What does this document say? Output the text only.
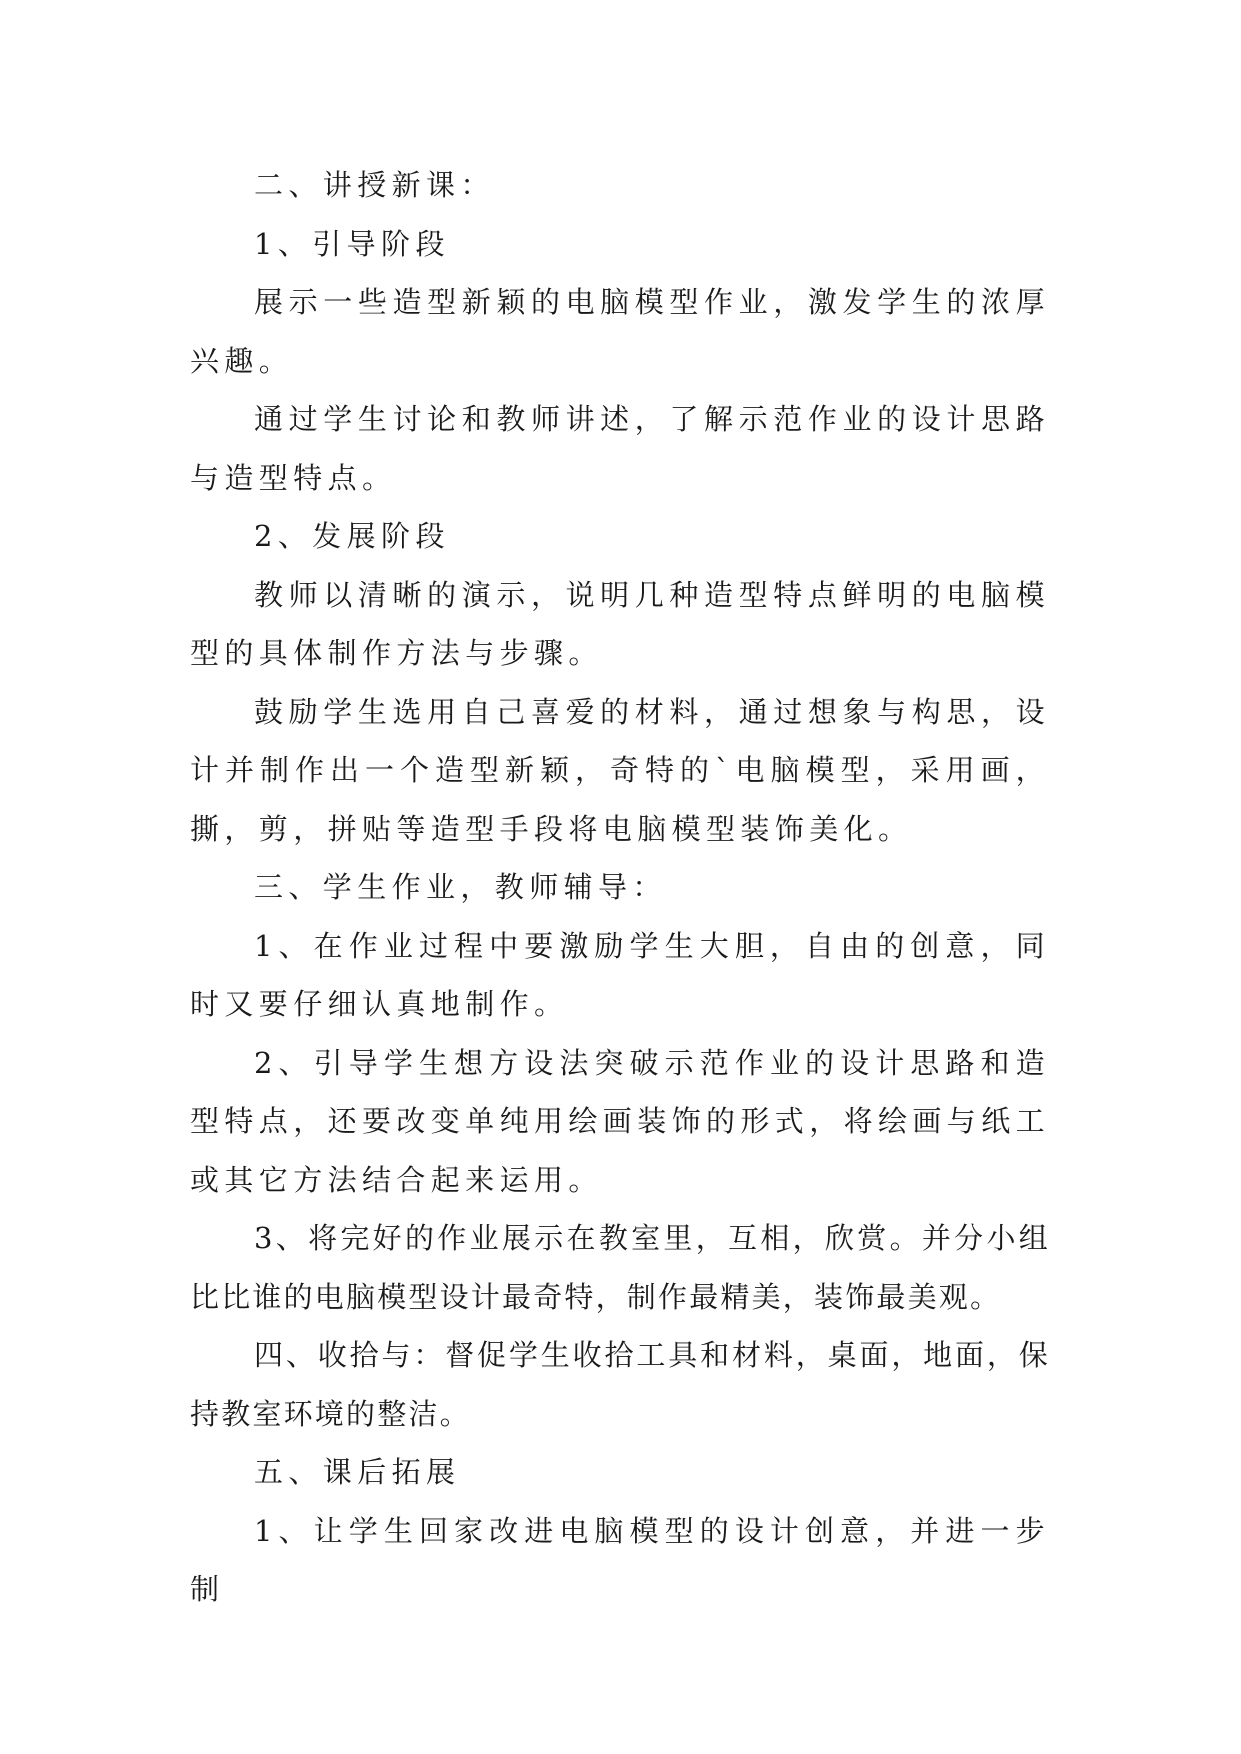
二、讲授新课：

1、引导阶段

展示一些造型新颖的电脑模型作业，激发学生的浓厚兴趣。

通过学生讨论和教师讲述，了解示范作业的设计思路与造型特点。

2、发展阶段

教师以清晰的演示，说明几种造型特点鲜明的电脑模型的具体制作方法与步骤。

鼓励学生选用自己喜爱的材料，通过想象与构思，设计并制作出一个造型新颖，奇特的`电脑模型，采用画，撕，剪，拼贴等造型手段将电脑模型装饰美化。

三、学生作业，教师辅导：

1、在作业过程中要激励学生大胆，自由的创意，同时又要仔细认真地制作。

2、引导学生想方设法突破示范作业的设计思路和造型特点，还要改变单纯用绘画装饰的形式，将绘画与纸工或其它方法结合起来运用。

3、将完好的作业展示在教室里，互相，欣赏。并分小组比比谁的电脑模型设计最奇特，制作最精美，装饰最美观。

四、收拾与：督促学生收拾工具和材料，桌面，地面，保持教室环境的整洁。

五、课后拓展

1、让学生回家改进电脑模型的设计创意，并进一步制
